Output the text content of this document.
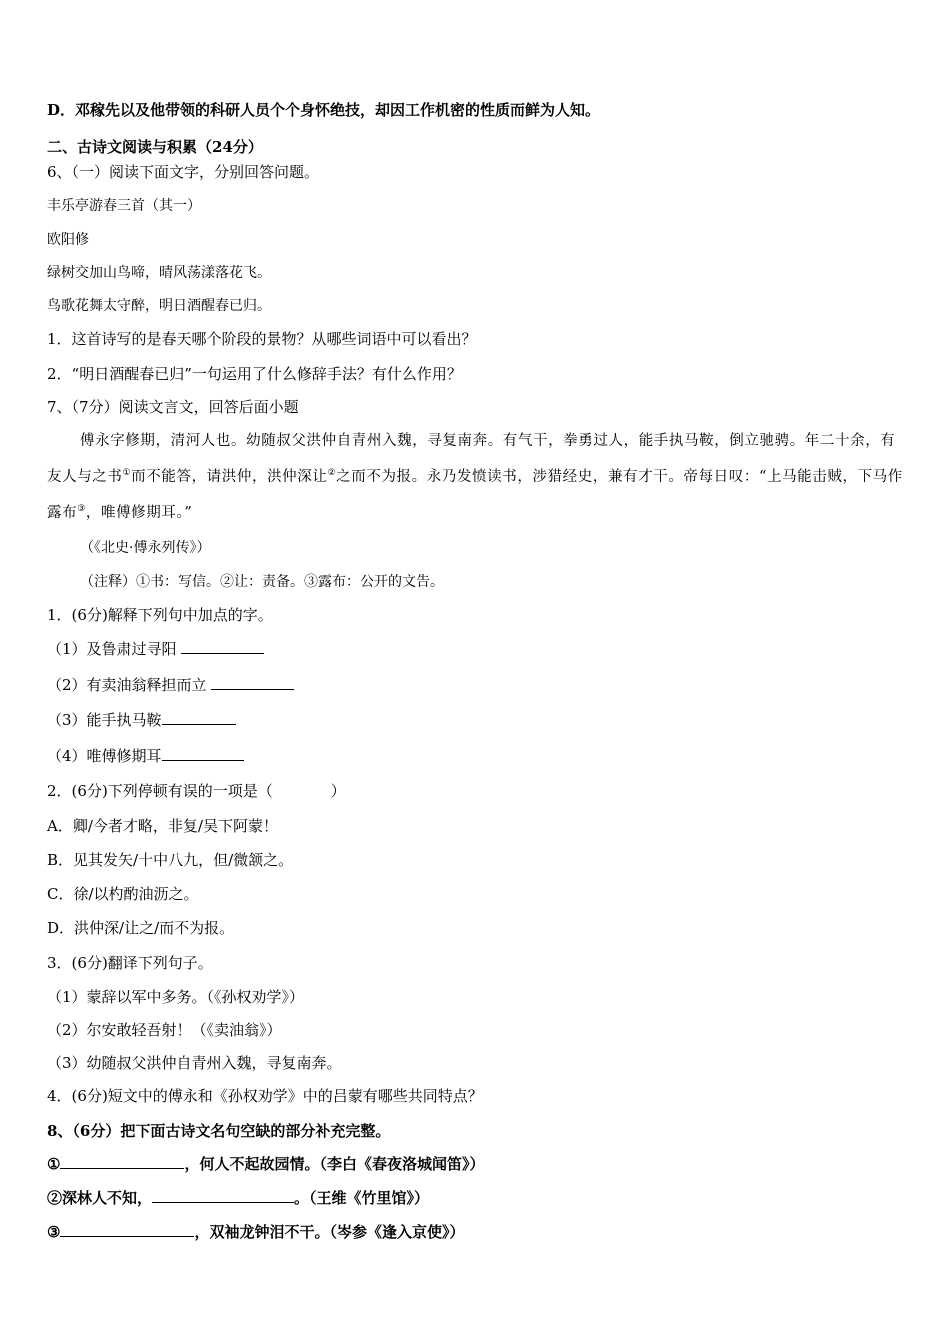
D．邓稼先以及他带领的科研人员个个身怀绝技，却因工作机密的性质而鲜为人知。
二、古诗文阅读与积累（24分）
6、（一）阅读下面文字，分别回答问题。
丰乐亭游春三首（其一）
欧阳修
绿树交加山鸟啼，晴风荡漾落花飞。
鸟歌花舞太守醉，明日酒醒春已归。
1．这首诗写的是春天哪个阶段的景物？从哪些词语中可以看出？
2．“明日酒醒春已归”一句运用了什么修辞手法？有什么作用？
7、（7分）阅读文言文，回答后面小题
傅永字修期，清河人也。幼随叔父洪仲自青州入魏，寻复南奔。有气干，拳勇过人，能手执马鞍，倒立驰骋。年二十余，有友人与之书①而不能答，请洪仲，洪仲深让②之而不为报。永乃发愤读书，涉猎经史，兼有才干。帝每日叹：“上马能击贼，下马作露布③，唯傅修期耳。”
（《北史·傅永列传》）
（注释）①书：写信。②让：责备。③露布：公开的文告。
1．(6分)解释下列句中加点的字。
（1）及鲁肃过寻阳
（2）有卖油翁释担而立
（3）能手执马鞍
（4）唯傅修期耳
2．(6分)下列停顿有误的一项是（	）
A．卿/今者才略，非复/吴下阿蒙！
B．见其发矢/十中八九，但/微颔之。
C．徐/以杓酌油沥之。
D．洪仲深/让之/而不为报。
3．(6分)翻译下列句子。
（1）蒙辞以军中多务。（《孙权劝学》）
（2）尔安敢轻吾射！（《卖油翁》）
（3）幼随叔父洪仲自青州入魏，寻复南奔。
4．(6分)短文中的傅永和《孙权劝学》中的吕蒙有哪些共同特点？
8、（6分）把下面古诗文名句空缺的部分补充完整。
①	，何人不起故园情。（李白《春夜洛城闻笛》）
②深林人不知，	。（王维《竹里馆》）
③	，双袖龙钟泪不干。（岑参《逢入京使》）
